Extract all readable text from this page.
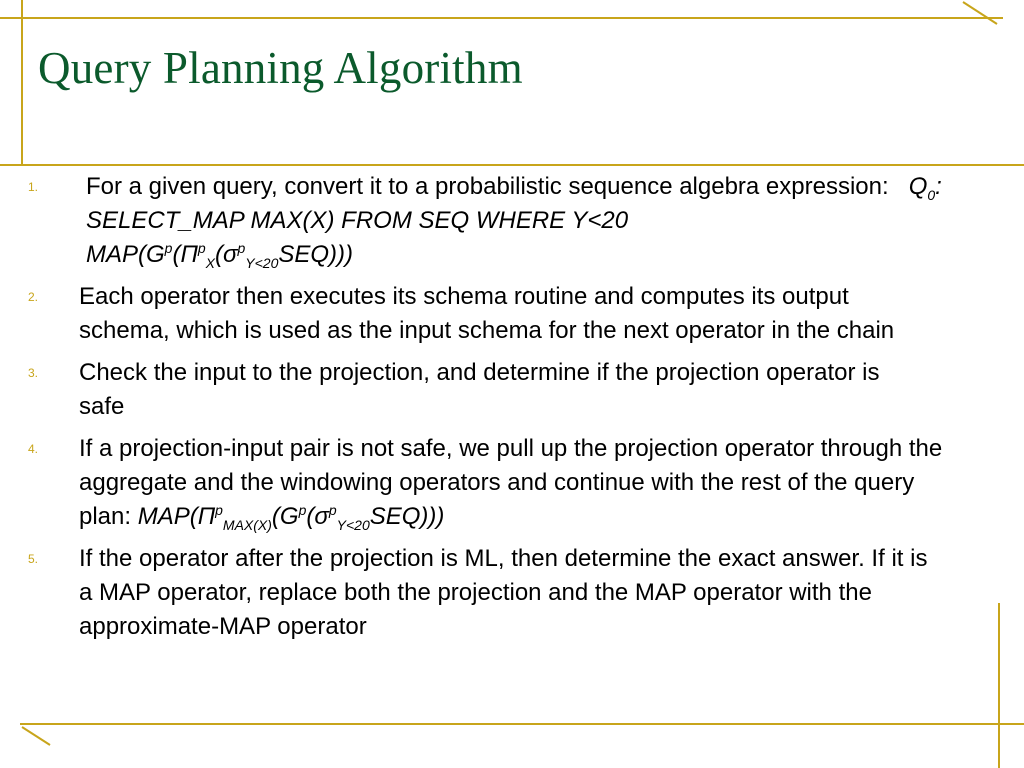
Query Planning Algorithm
1. For a given query, convert it to a probabilistic sequence algebra expression: $Q_0$: SELECT_MAP MAX(X) FROM SEQ WHERE Y<20
$MAP(G^p(\Pi^p_X(\sigma^p_{Y<20}SEQ)))$
2. Each operator then executes its schema routine and computes its output schema, which is used as the input schema for the next operator in the chain
3. Check the input to the projection, and determine if the projection operator is safe
4. If a projection-input pair is not safe, we pull up the projection operator through the aggregate and the windowing operators and continue with the rest of the query plan: $MAP(\Pi^p_{MAX(X)}(G^p(\sigma^p_{Y<20}SEQ)))$
5. If the operator after the projection is ML, then determine the exact answer. If it is a MAP operator, replace both the projection and the MAP operator with the approximate-MAP operator
